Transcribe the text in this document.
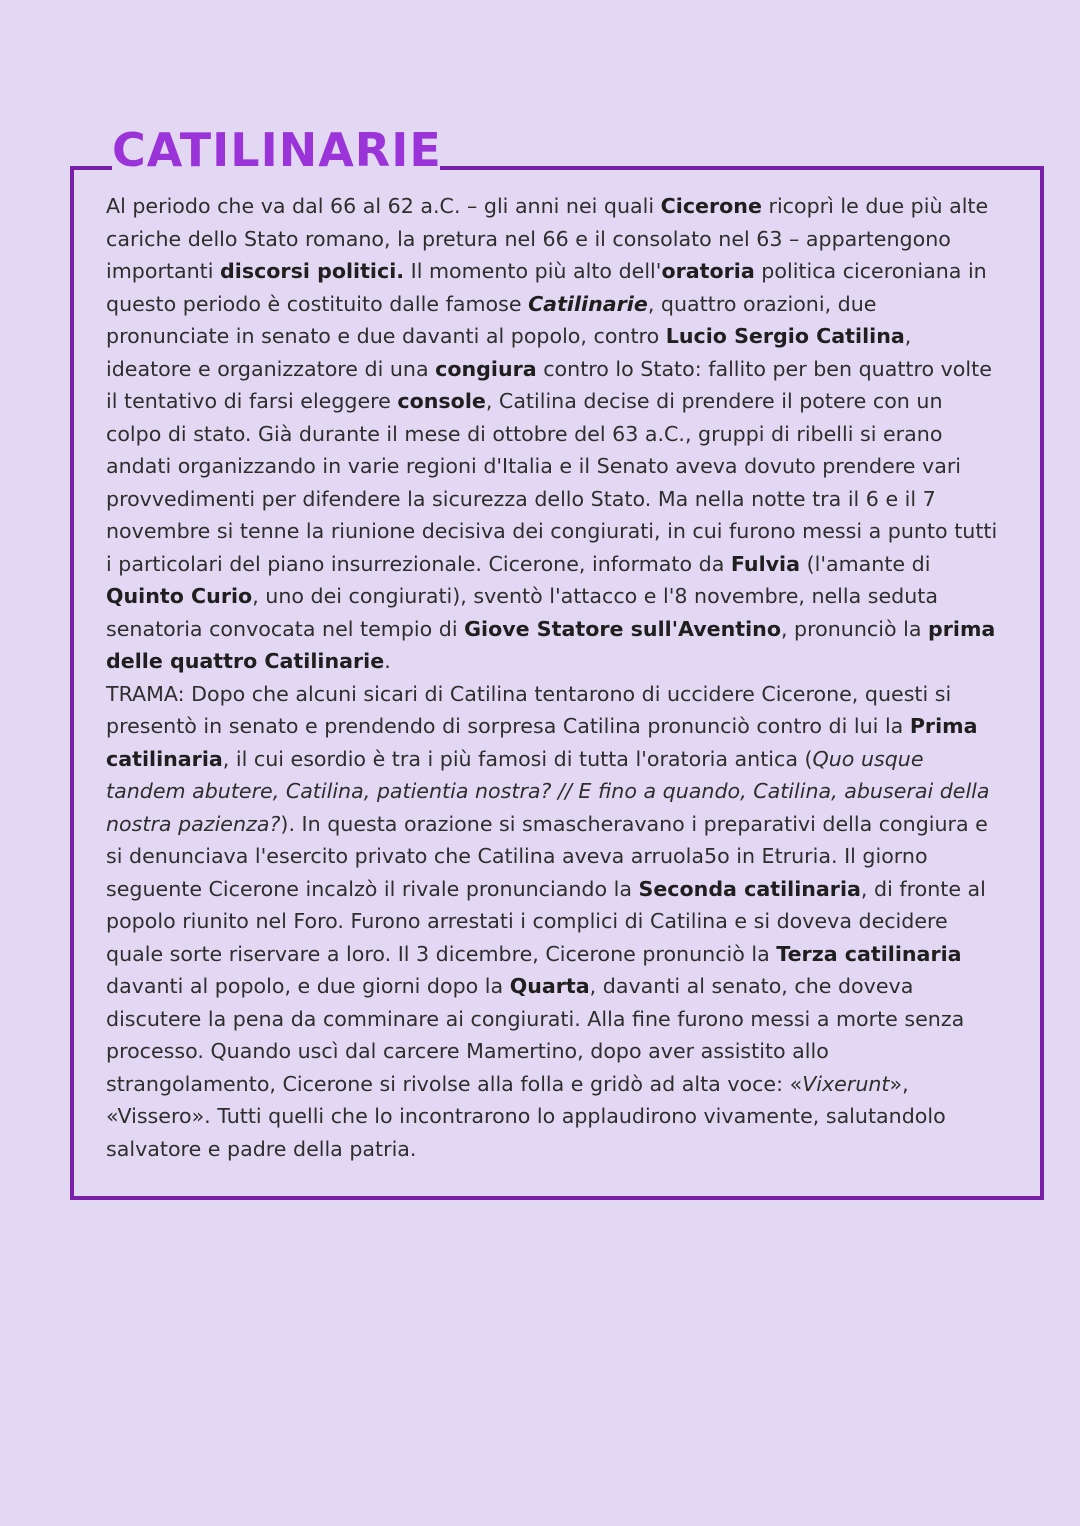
CATILINARIE
Al periodo che va dal 66 al 62 a.C. – gli anni nei quali Cicerone ricoprì le due più alte cariche dello Stato romano, la pretura nel 66 e il consolato nel 63 – appartengono importanti discorsi politici. Il momento più alto dell'oratoria politica ciceroniana in questo periodo è costituito dalle famose Catilinarie, quattro orazioni, due pronunciate in senato e due davanti al popolo, contro Lucio Sergio Catilina, ideatore e organizzatore di una congiura contro lo Stato: fallito per ben quattro volte il tentativo di farsi eleggere console, Catilina decise di prendere il potere con un colpo di stato. Già durante il mese di ottobre del 63 a.C., gruppi di ribelli si erano andati organizzando in varie regioni d'Italia e il Senato aveva dovuto prendere vari provvedimenti per difendere la sicurezza dello Stato. Ma nella notte tra il 6 e il 7 novembre si tenne la riunione decisiva dei congiurati, in cui furono messi a punto tutti i particolari del piano insurrezionale. Cicerone, informato da Fulvia (l'amante di Quinto Curio, uno dei congiurati), sventò l'attacco e l'8 novembre, nella seduta senatoria convocata nel tempio di Giove Statore sull'Aventino, pronunciò la prima delle quattro Catilinarie.
TRAMA: Dopo che alcuni sicari di Catilina tentarono di uccidere Cicerone, questi si presentò in senato e prendendo di sorpresa Catilina pronunciò contro di lui la Prima catilinaria, il cui esordio è tra i più famosi di tutta l'oratoria antica (Quo usque tandem abutere, Catilina, patientia nostra? // E fino a quando, Catilina, abuserai della nostra pazienza?). In questa orazione si smascheravano i preparativi della congiura e si denunciava l'esercito privato che Catilina aveva arruola5o in Etruria. Il giorno seguente Cicerone incalzò il rivale pronunciando la Seconda catilinaria, di fronte al popolo riunito nel Foro. Furono arrestati i complici di Catilina e si doveva decidere quale sorte riservare a loro. Il 3 dicembre, Cicerone pronunciò la Terza catilinaria davanti al popolo, e due giorni dopo la Quarta, davanti al senato, che doveva discutere la pena da comminare ai congiurati. Alla fine furono messi a morte senza processo. Quando uscì dal carcere Mamertino, dopo aver assistito allo strangolamento, Cicerone si rivolse alla folla e gridò ad alta voce: «Vixerunt», «Vissero». Tutti quelli che lo incontrarono lo applaudirono vivamente, salutandolo salvatore e padre della patria.
